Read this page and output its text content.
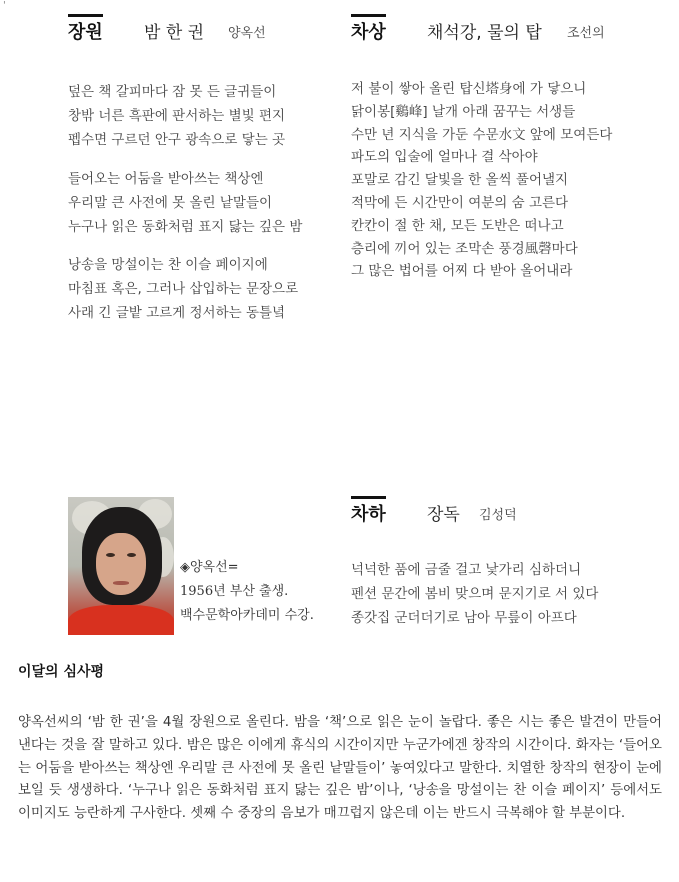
'
장원 밤 한 권 양옥선
덮은 책 갈피마다 잠 못 든 글귀들이
창밖 너른 흑판에 판서하는 별빛 편지
펩수면 구르던 안구 광속으로 닿는 곳
들어오는 어둠을 받아쓰는 책상엔
우리말 큰 사전에 못 올린 낱말들이
누구나 읽은 동화처럼 표지 닳는 깊은 밤
낭송을 망설이는 찬 이슬 페이지에
마침표 혹은, 그러나 삽입하는 문장으로
사래 긴 글밭 고르게 정서하는 동틀녘
차상 채석강, 물의 탑 조선의
저 불이 쌓아 올린 탑신塔身에 가 닿으니
닭이봉[鷄峰] 날개 아래 꿈꾸는 서생들
수만 년 지식을 가둔 수문水文 앞에 모여든다
파도의 입술에 얼마나 결 삭아야
포말로 감긴 달빛을 한 올씩 풀어낼지
적막에 든 시간만이 여분의 숨 고른다
칸칸이 절 한 채, 모든 도반은 떠나고
층리에 끼어 있는 조막손 풍경風磬마다
그 많은 법어를 어찌 다 받아 올어내라
◈양옥선=
1956년 부산 출생.
백수문학아카데미 수강.
차하 장독 김성덕
넉넉한 품에 금줄 걸고 낯가리 심하더니
펜션 문간에 봄비 맞으며 문지기로 서 있다
종갓집 군더더기로 남아 무릎이 아프다
이달의 심사평
양옥선씨의 ‘밤 한 권’을 4월 장원으로 올린다. 밤을 ‘책’으로 읽은 눈이 놀랍다. 좋은 시는 좋은 발견이 만들어낸다는 것을 잘 말하고 있다. 밤은 많은 이에게 휴식의 시간이지만 누군가에겐 창작의 시간이다. 화자는 ‘들어오는 어둠을 받아쓰는 책상엔 우리말 큰 사전에 못 올린 낱말들이’ 놓여있다고 말한다. 치열한 창작의 현장이 눈에 보일 듯 생생하다. ‘누구나 읽은 동화처럼 표지 닳는 깊은 밤’이나, ‘낭송을 망설이는 찬 이슬 페이지’ 등에서도 이미지도 능란하게 구사한다. 셋째 수 중장의 음보가 매끄럽지 않은데 이는 반드시 극복해야 할 부분이다.
